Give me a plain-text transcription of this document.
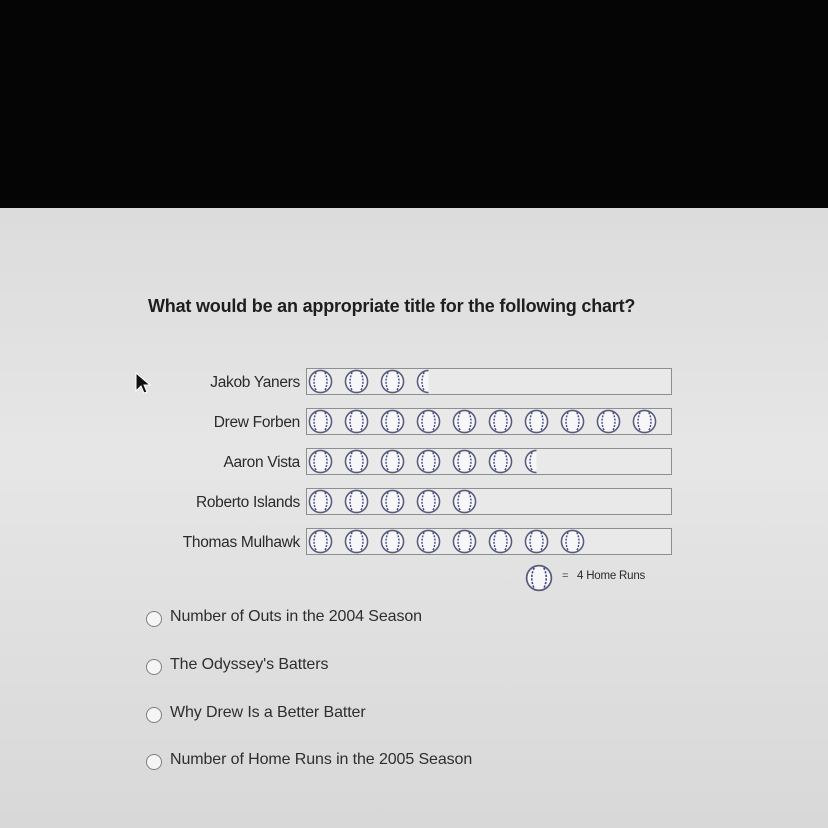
What would be an appropriate title for the following chart?
Jakob Yaners
Drew Forben
Aaron Vista
Roberto Islands
Thomas Mulhawk
= 4 Home Runs
Number of Outs in the 2004 Season
The Odyssey's Batters
Why Drew Is a Better Batter
Number of Home Runs in the 2005 Season
